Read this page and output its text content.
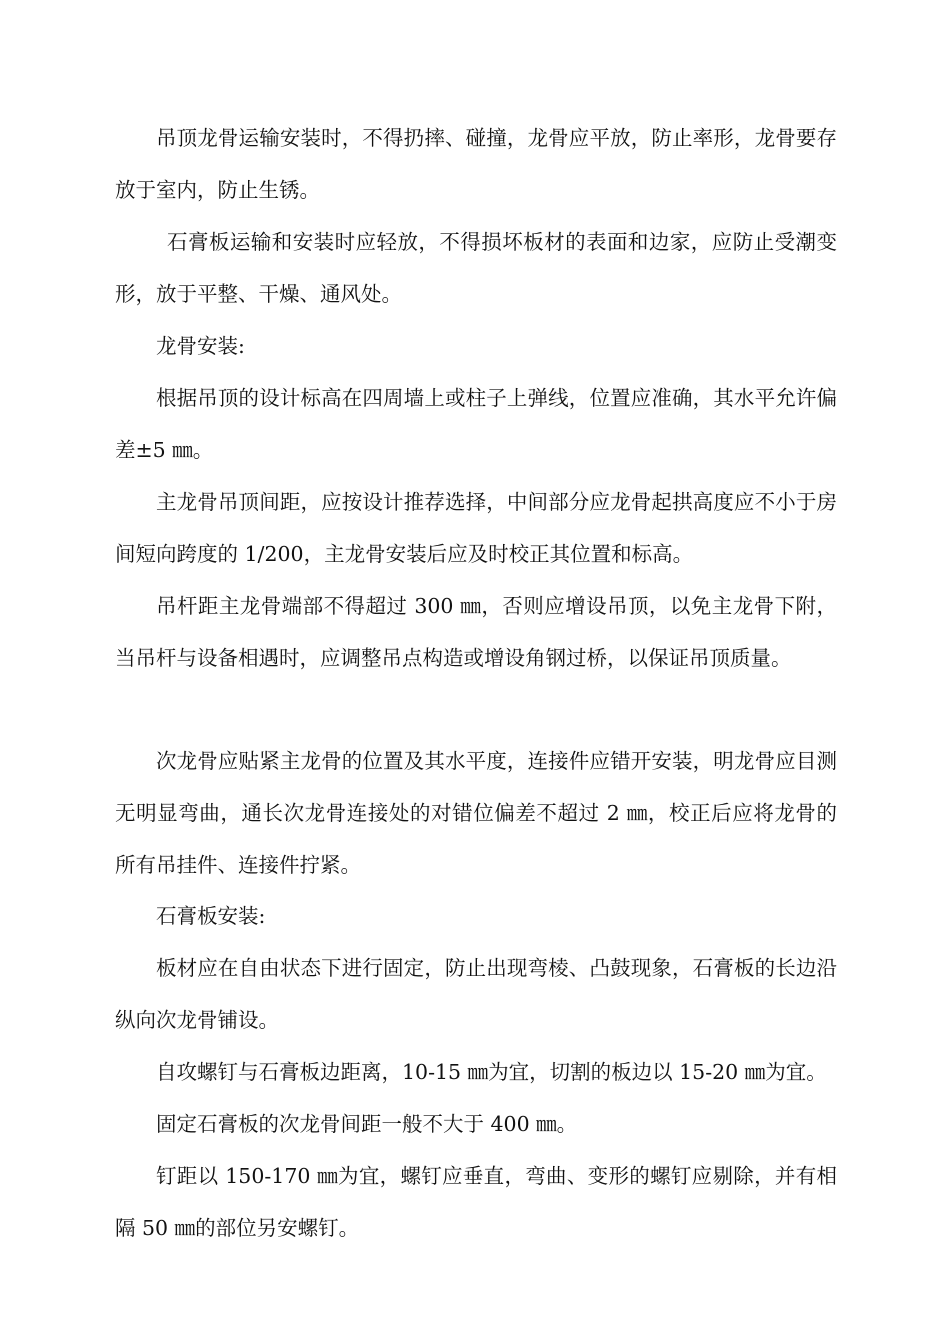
吊顶龙骨运输安装时，不得扔摔、碰撞，龙骨应平放，防止率形，龙骨要存放于室内，防止生锈。

石膏板运输和安装时应轻放，不得损坏板材的表面和边家，应防止受潮变形，放于平整、干燥、通风处。

龙骨安装:

根据吊顶的设计标高在四周墙上或柱子上弹线，位置应准确，其水平允许偏差±5 ㎜。

主龙骨吊顶间距，应按设计推荐选择，中间部分应龙骨起拱高度应不小于房间短向跨度的 1/200，主龙骨安装后应及时校正其位置和标高。

吊杆距主龙骨端部不得超过 300 ㎜，否则应增设吊顶，以免主龙骨下附，当吊杆与设备相遇时，应调整吊点构造或增设角钢过桥，以保证吊顶质量。

次龙骨应贴紧主龙骨的位置及其水平度，连接件应错开安装，明龙骨应目测无明显弯曲，通长次龙骨连接处的对错位偏差不超过 2 ㎜，校正后应将龙骨的所有吊挂件、连接件拧紧。

石膏板安装:

板材应在自由状态下进行固定，防止出现弯棱、凸鼓现象，石膏板的长边沿纵向次龙骨铺设。

自攻螺钉与石膏板边距离，10-15 ㎜为宜，切割的板边以 15-20 ㎜为宜。

固定石膏板的次龙骨间距一般不大于 400 ㎜。

钉距以 150-170 ㎜为宜，螺钉应垂直，弯曲、变形的螺钉应剔除，并有相隔 50 ㎜的部位另安螺钉。
